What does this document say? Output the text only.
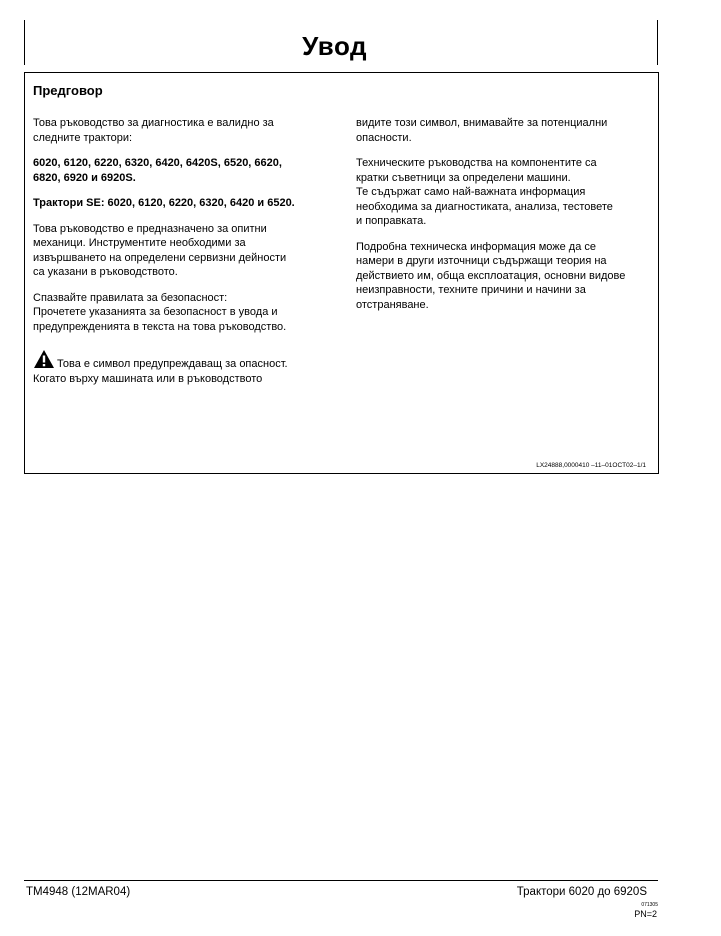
Увод
Предговор

Това ръководство за диагностика е валидно за
следните трактори:

6020, 6120, 6220, 6320, 6420, 6420S, 6520, 6620,
6820, 6920 и 6920S.

Трактори SE: 6020, 6120, 6220, 6320, 6420 и 6520.

Това ръководство е предназначено за опитни
механици. Инструментите необходими за
извършването на определени сервизни дейности
са указани в ръководството.

Спазвайте правилата за безопасност:
Прочетете указанията за безопасност в увода и
предупрежденията в текста на това ръководство.

Това е символ предупреждаващ за опасност.
Когато върху машината или в ръководството

видите този символ, внимавайте за потенциални
опасности.

Техническите ръководства на компонентите са
кратки съветници за определени машини.
Те съдържат само най-важната информация
необходима за диагностиката, анализа, тестовете
и поправката.

Подробна техническа информация може да се
намери в други източници съдържащи теория на
действието им, обща експлоатация, основни видове
неизправности, техните причини и начини за
отстраняване.

LX24888,0000410 –11–01OCT02–1/1
TM4948 (12MAR04)	Трактори 6020 до 6920S
071305
PN=2
